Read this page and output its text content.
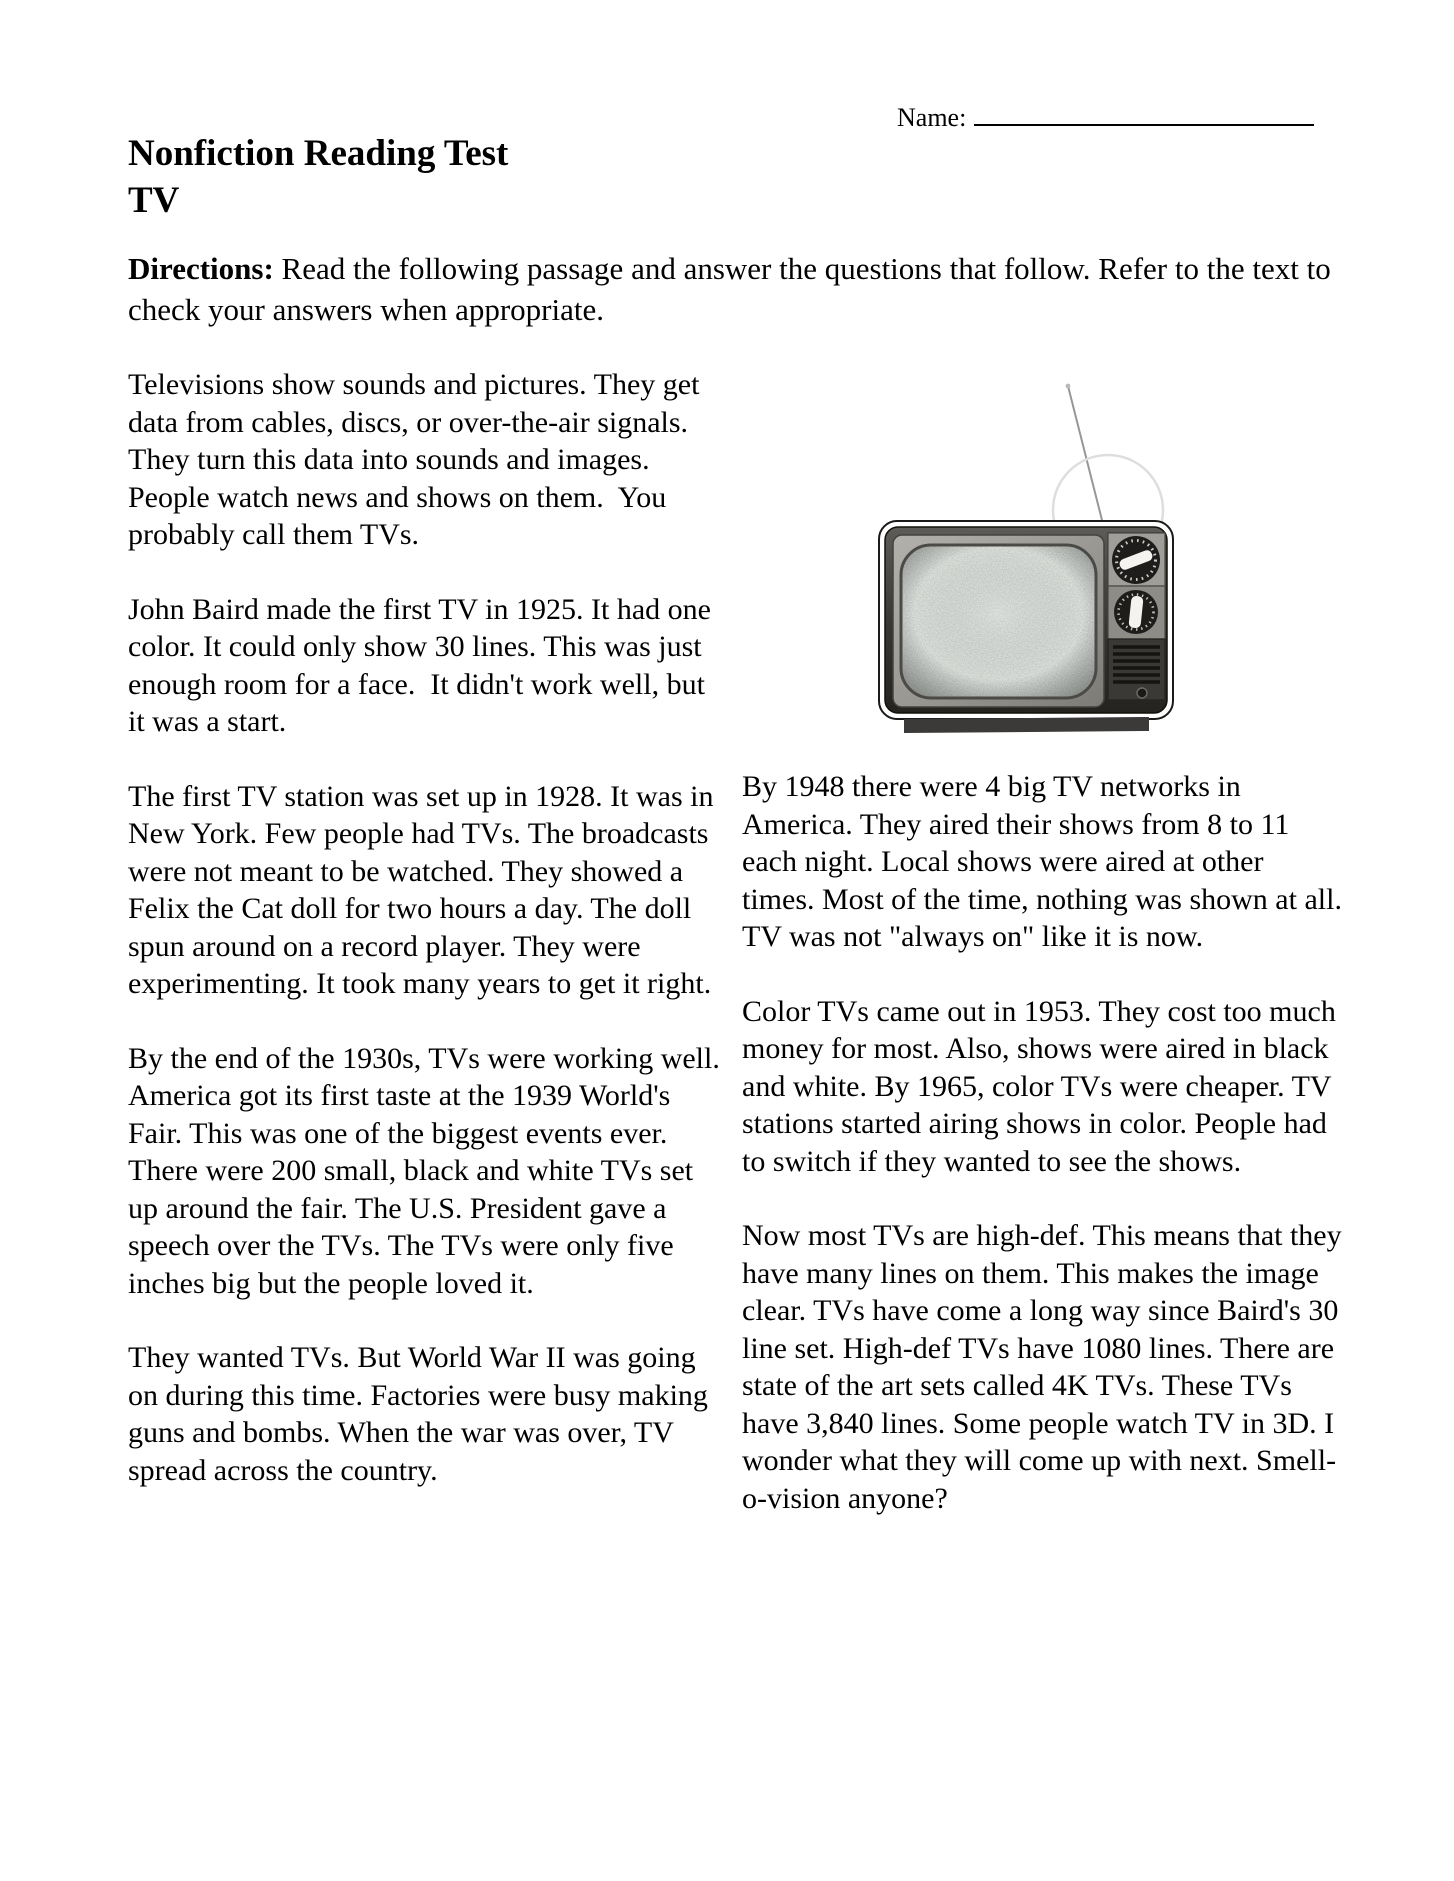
Name:
Nonfiction Reading Test
TV
Directions: Read the following passage and answer the questions that follow. Refer to the text to check your answers when appropriate.

Televisions show sounds and pictures. They get data from cables, discs, or over-the-air signals. They turn this data into sounds and images. People watch news and shows on them.  You probably call them TVs.

John Baird made the first TV in 1925. It had one color. It could only show 30 lines. This was just enough room for a face.  It didn't work well, but it was a start.

The first TV station was set up in 1928. It was in New York. Few people had TVs. The broadcasts were not meant to be watched. They showed a Felix the Cat doll for two hours a day. The doll spun around on a record player. They were experimenting. It took many years to get it right.

By the end of the 1930s, TVs were working well. America got its first taste at the 1939 World's Fair. This was one of the biggest events ever. There were 200 small, black and white TVs set up around the fair. The U.S. President gave a speech over the TVs. The TVs were only five inches big but the people loved it.

They wanted TVs. But World War II was going on during this time. Factories were busy making guns and bombs. When the war was over, TV spread across the country.

By 1948 there were 4 big TV networks in America. They aired their shows from 8 to 11 each night. Local shows were aired at other times. Most of the time, nothing was shown at all. TV was not "always on" like it is now.

Color TVs came out in 1953. They cost too much money for most. Also, shows were aired in black and white. By 1965, color TVs were cheaper. TV stations started airing shows in color. People had to switch if they wanted to see the shows.

Now most TVs are high-def. This means that they have many lines on them. This makes the image clear. TVs have come a long way since Baird's 30 line set. High-def TVs have 1080 lines. There are state of the art sets called 4K TVs. These TVs have 3,840 lines. Some people watch TV in 3D. I wonder what they will come up with next. Smell-o-vision anyone?
